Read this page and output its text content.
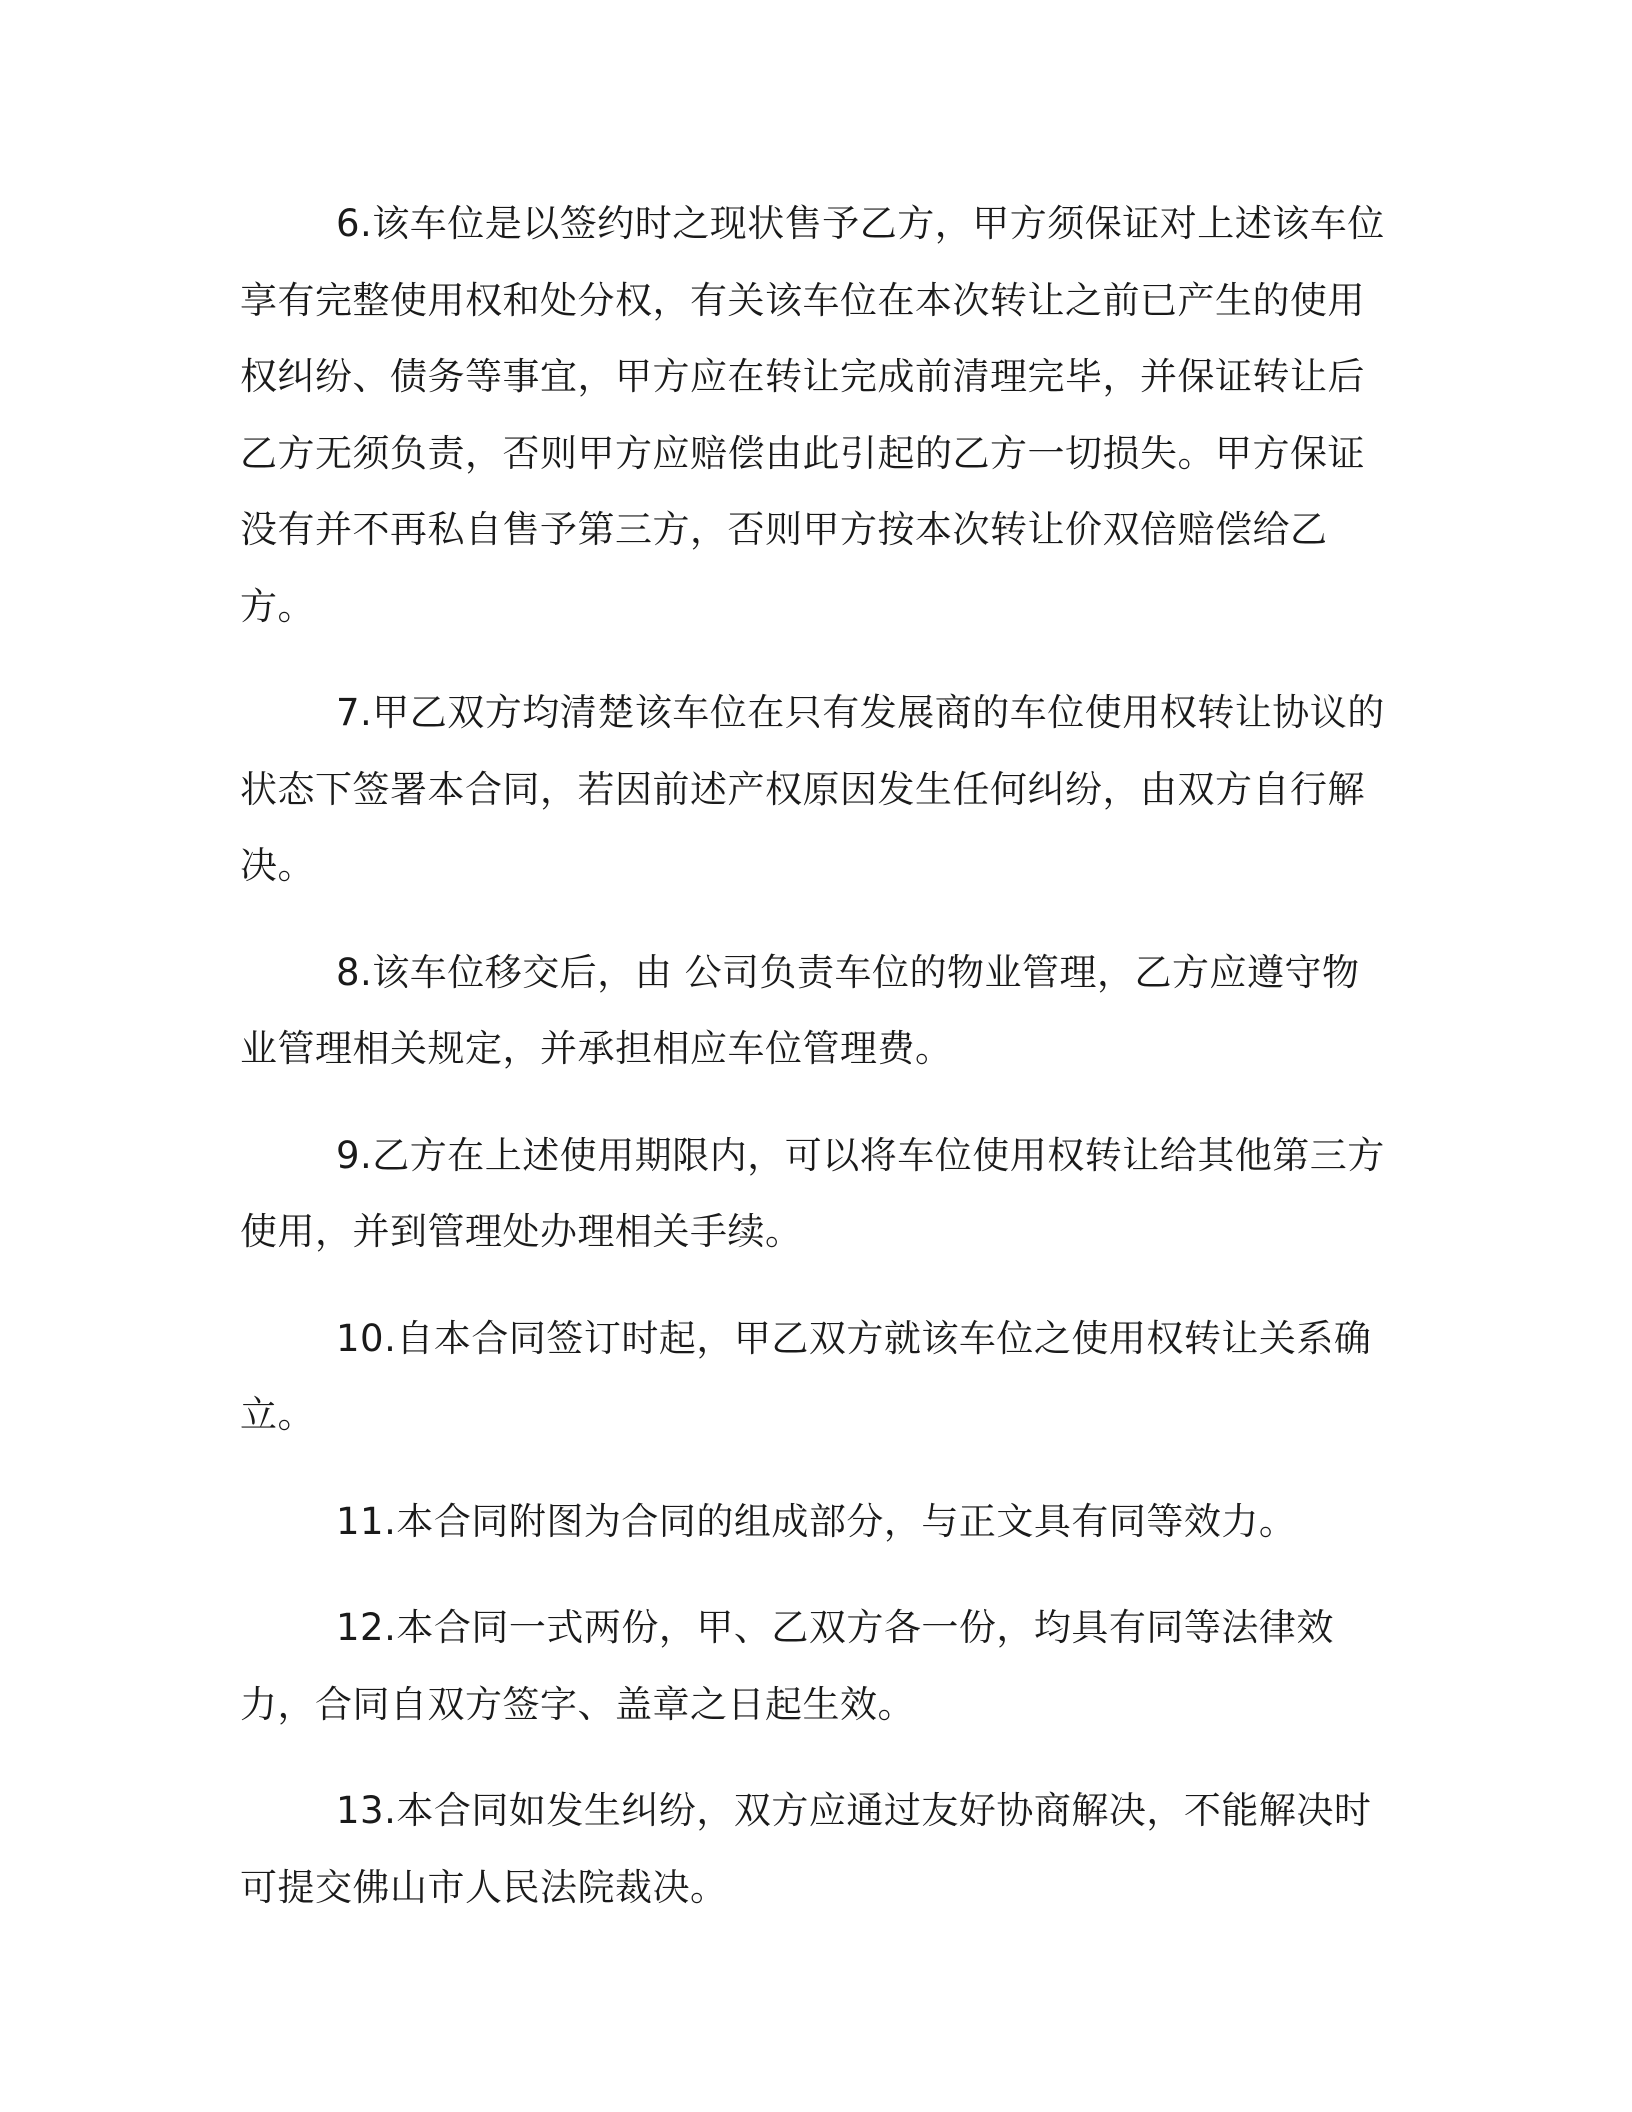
6.该车位是以签约时之现状售予乙方，甲方须保证对上述该车位享有完整使用权和处分权，有关该车位在本次转让之前已产生的使用权纠纷、债务等事宜，甲方应在转让完成前清理完毕，并保证转让后乙方无须负责，否则甲方应赔偿由此引起的乙方一切损失。甲方保证没有并不再私自售予第三方，否则甲方按本次转让价双倍赔偿给乙方。

7.甲乙双方均清楚该车位在只有发展商的车位使用权转让协议的状态下签署本合同，若因前述产权原因发生任何纠纷，由双方自行解决。

8.该车位移交后，由 公司负责车位的物业管理，乙方应遵守物业管理相关规定，并承担相应车位管理费。

9.乙方在上述使用期限内，可以将车位使用权转让给其他第三方使用，并到管理处办理相关手续。

10.自本合同签订时起，甲乙双方就该车位之使用权转让关系确立。

11.本合同附图为合同的组成部分，与正文具有同等效力。

12.本合同一式两份，甲、乙双方各一份，均具有同等法律效力，合同自双方签字、盖章之日起生效。

13.本合同如发生纠纷，双方应通过友好协商解决，不能解决时可提交佛山市人民法院裁决。
